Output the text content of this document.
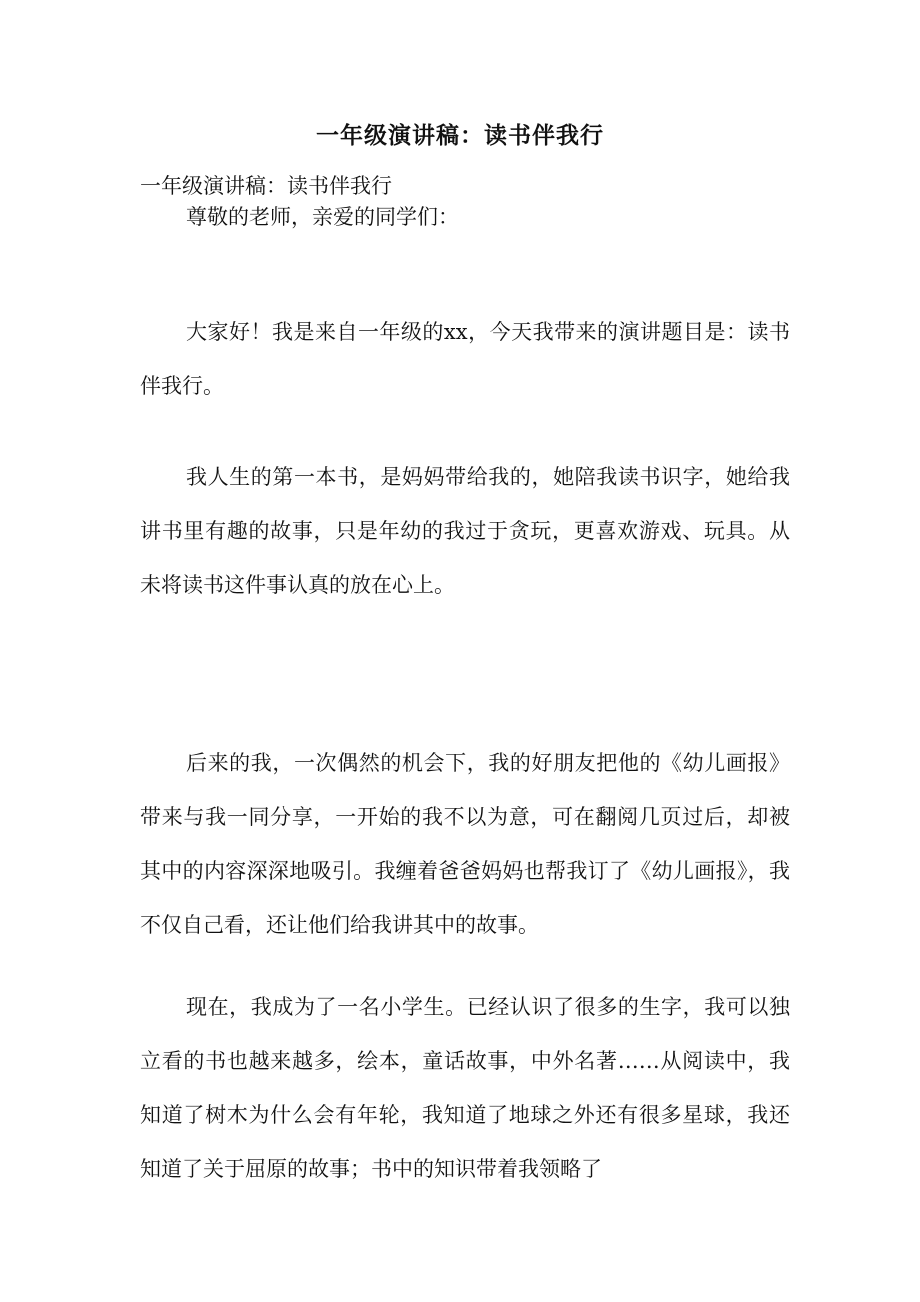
一年级演讲稿：读书伴我行
一年级演讲稿：读书伴我行

尊敬的老师，亲爱的同学们：

大家好！我是来自一年级的xx，今天我带来的演讲题目是：读书伴我行。

我人生的第一本书，是妈妈带给我的，她陪我读书识字，她给我讲书里有趣的故事，只是年幼的我过于贪玩，更喜欢游戏、玩具。从未将读书这件事认真的放在心上。

后来的我，一次偶然的机会下，我的好朋友把他的《幼儿画报》带来与我一同分享，一开始的我不以为意，可在翻阅几页过后，却被其中的内容深深地吸引。我缠着爸爸妈妈也帮我订了《幼儿画报》，我不仅自己看，还让他们给我讲其中的故事。

现在，我成为了一名小学生。已经认识了很多的生字，我可以独立看的书也越来越多，绘本，童话故事，中外名著……从阅读中，我知道了树木为什么会有年轮，我知道了地球之外还有很多星球，我还知道了关于屈原的故事；书中的知识带着我领略了
